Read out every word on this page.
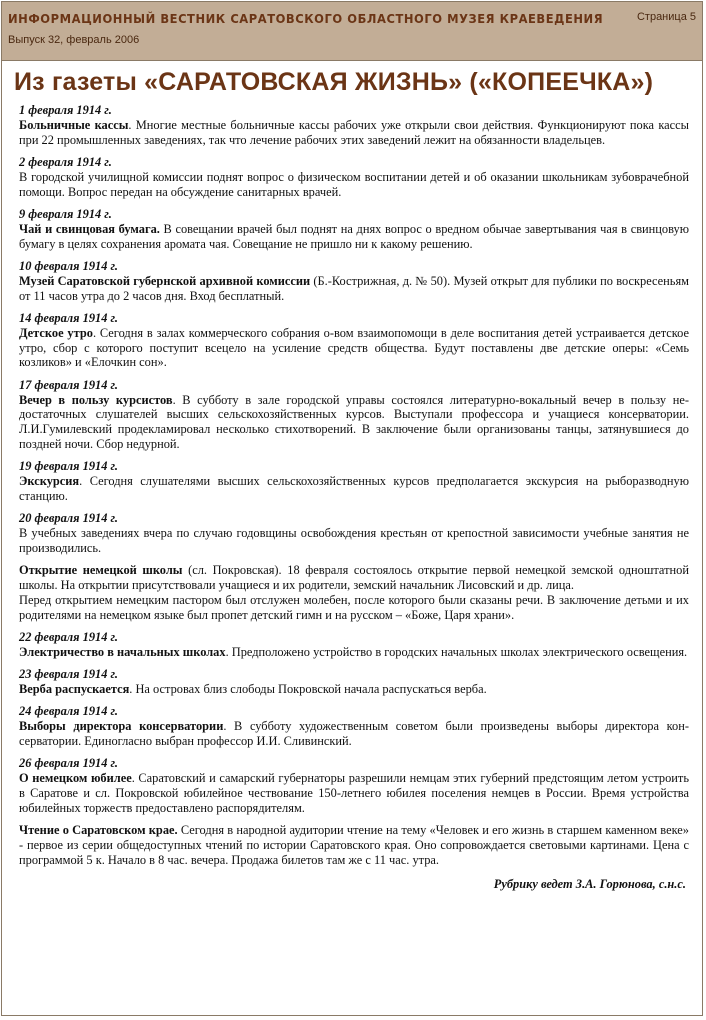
ИНФОРМАЦИОННЫЙ ВЕСТНИК САРАТОВСКОГО ОБЛАСТНОГО МУЗЕЯ КРАЕВЕДЕНИЯ
Выпуск 32, февраль 2006
Страница 5
Из газеты «САРАТОВСКАЯ ЖИЗНЬ» («КОПЕЕЧКА»)
1 февраля 1914 г.
Больничные кассы. Многие местные больничные кассы рабочих уже открыли свои действия. Функционируют пока кассы при 22 промышленных заведениях, так что лечение рабочих этих заведений лежит на обязанности владельцев.
2 февраля 1914 г.
В городской училищной комиссии поднят вопрос о физическом воспитании детей и об оказании школьникам зубоврачебной помощи. Вопрос передан на обсуждение санитарных врачей.
9 февраля 1914 г.
Чай и свинцовая бумага. В совещании врачей был поднят на днях вопрос о вредном обычае завертывания чая в свинцовую бумагу в целях сохранения аромата чая. Совещание не пришло ни к какому решению.
10 февраля 1914 г.
Музей Саратовской губернской архивной комиссии (Б.-Кострижная, д. № 50). Музей открыт для публики по воскресеньям от 11 часов утра до 2 часов дня. Вход бесплатный.
14 февраля 1914 г.
Детское утро. Сегодня в залах коммерческого собрания о-вом взаимопомощи в деле воспитания детей устраивается детское утро, сбор с которого поступит всецело на усиление средств общества. Будут поставлены две детские оперы: «Семь козликов» и «Елочкин сон».
17 февраля 1914 г.
Вечер в пользу курсистов. В субботу в зале городской управы состоялся литературно-вокальный вечер в пользу недостаточных слушателей высших сельскохозяйственных курсов. Выступали профессора и учащиеся консерватории. Л.И.Гумилевский продекламировал несколько стихотворений. В заключение были организованы танцы, затянувшиеся до поздней ночи. Сбор недурной.
19 февраля 1914 г.
Экскурсия. Сегодня слушателями высших сельскохозяйственных курсов предполагается экскурсия на рыборазводную станцию.
20 февраля 1914 г.
В учебных заведениях вчера по случаю годовщины освобождения крестьян от крепостной зависимости учебные занятия не производились.
Открытие немецкой школы (сл. Покровская). 18 февраля состоялось открытие первой немецкой земской одноштатной школы. На открытии присутствовали учащиеся и их родители, земский начальник Лисовский и др. лица.
Перед открытием немецким пастором был отслужен молебен, после которого были сказаны речи. В заключение детьми и их родителями на немецком языке был пропет детский гимн и на русском – «Боже, Царя храни».
22 февраля 1914 г.
Электричество в начальных школах. Предположено устройство в городских начальных школах электрического освещения.
23 февраля 1914 г.
Верба распускается. На островах близ слободы Покровской начала распускаться верба.
24 февраля 1914 г.
Выборы директора консерватории. В субботу художественным советом были произведены выборы директора консерватории. Единогласно выбран профессор И.И. Сливинский.
26 февраля 1914 г.
О немецком юбилее. Саратовский и самарский губернаторы разрешили немцам этих губерний предстоящим летом устроить в Саратове и сл. Покровской юбилейное чествование 150-летнего юбилея поселения немцев в России. Время устройства юбилейных торжеств предоставлено распорядителям.
Чтение о Саратовском крае. Сегодня в народной аудитории чтение на тему «Человек и его жизнь в старшем каменном веке» - первое из серии общедоступных чтений по истории Саратовского края. Оно сопровождается световыми картинами. Цена с программой 5 к. Начало в 8 час. вечера. Продажа билетов там же с 11 час. утра.
Рубрику ведет З.А. Горюнова, с.н.с.
